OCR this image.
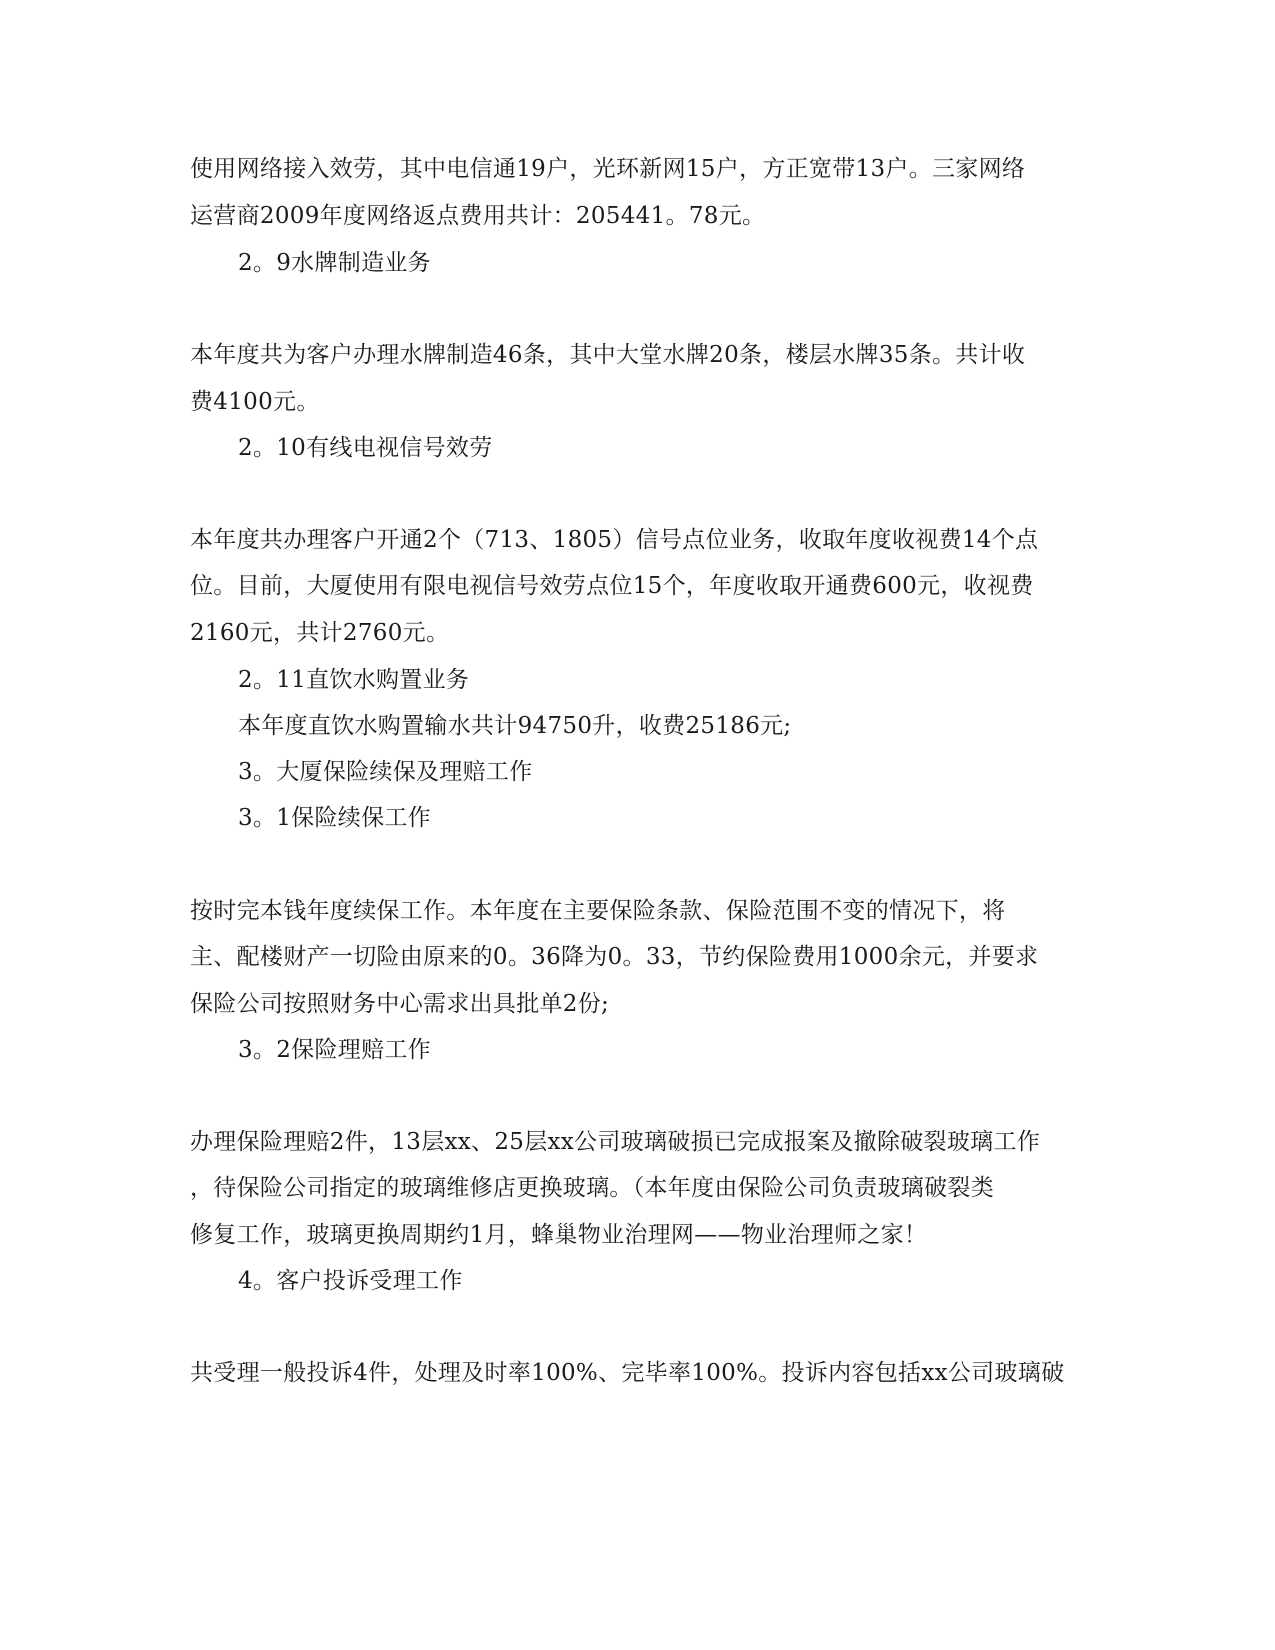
使用网络接入效劳，其中电信通19户，光环新网15户，方正宽带13户。三家网络

运营商2009年度网络返点费用共计：205441。78元。

2。9水牌制造业务

本年度共为客户办理水牌制造46条，其中大堂水牌20条，楼层水牌35条。共计收

费4100元。

2。10有线电视信号效劳

本年度共办理客户开通2个（713、1805）信号点位业务，收取年度收视费14个点

位。目前，大厦使用有限电视信号效劳点位15个，年度收取开通费600元，收视费

2160元，共计2760元。

2。11直饮水购置业务

本年度直饮水购置输水共计94750升，收费25186元;

3。大厦保险续保及理赔工作

3。1保险续保工作

按时完本钱年度续保工作。本年度在主要保险条款、保险范围不变的情况下，将

主、配楼财产一切险由原来的0。36降为0。33，节约保险费用1000余元，并要求

保险公司按照财务中心需求出具批单2份;

3。2保险理赔工作

办理保险理赔2件，13层xx、25层xx公司玻璃破损已完成报案及撤除破裂玻璃工作

，待保险公司指定的玻璃维修店更换玻璃。（本年度由保险公司负责玻璃破裂类

修复工作，玻璃更换周期约1月，蜂巢物业治理网——物业治理师之家！

4。客户投诉受理工作

共受理一般投诉4件，处理及时率100%、完毕率100%。投诉内容包括xx公司玻璃破
